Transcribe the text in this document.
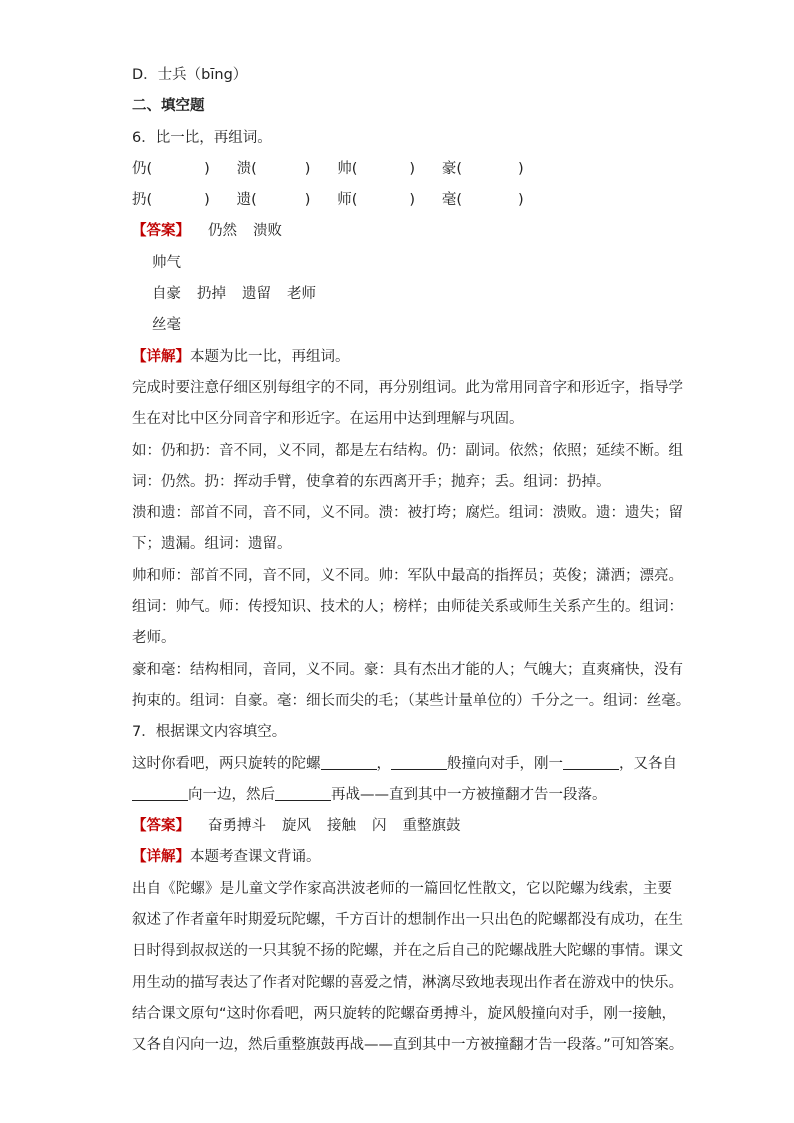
D．士兵（bīng）
二、填空题
6．比一比，再组词。
仍(	) 溃(	) 帅(	) 豪(	)
扔(	) 遗(	) 师(	) 毫(	)
【答案】 仍然 溃败
帅气
自豪 扔掉 遗留 老师
丝毫
【详解】本题为比一比，再组词。
完成时要注意仔细区别每组字的不同，再分别组词。此为常用同音字和形近字，指导学
生在对比中区分同音字和形近字。在运用中达到理解与巩固。
如：仍和扔：音不同，义不同，都是左右结构。仍：副词。依然；依照；延续不断。组
词：仍然。扔：挥动手臂，使拿着的东西离开手；抛弃；丢。组词：扔掉。
溃和遗：部首不同，音不同，义不同。溃：被打垮；腐烂。组词：溃败。遗：遗失；留
下；遗漏。组词：遗留。
帅和师：部首不同，音不同，义不同。帅：军队中最高的指挥员；英俊；潇洒；漂亮。
组词：帅气。师：传授知识、技术的人；榜样；由师徒关系或师生关系产生的。组词：
老师。
豪和毫：结构相同，音同，义不同。豪：具有杰出才能的人；气魄大；直爽痛快，没有
拘束的。组词：自豪。毫：细长而尖的毛；（某些计量单位的）千分之一。组词：丝毫。
7．根据课文内容填空。
这时你看吧，两只旋转的陀螺	，	般撞向对手，刚一	，又各自
向一边，然后	再战——直到其中一方被撞翻才告一段落。
【答案】 奋勇搏斗 旋风 接触 闪 重整旗鼓
【详解】本题考查课文背诵。
出自《陀螺》是儿童文学作家高洪波老师的一篇回忆性散文，它以陀螺为线索，主要
叙述了作者童年时期爱玩陀螺，千方百计的想制作出一只出色的陀螺都没有成功，在生
日时得到叔叔送的一只其貌不扬的陀螺，并在之后自己的陀螺战胜大陀螺的事情。课文
用生动的描写表达了作者对陀螺的喜爱之情，淋漓尽致地表现出作者在游戏中的快乐。
结合课文原句“这时你看吧，两只旋转的陀螺奋勇搏斗，旋风般撞向对手，刚一接触，
又各自闪向一边，然后重整旗鼓再战——直到其中一方被撞翻才告一段落。”可知答案。
